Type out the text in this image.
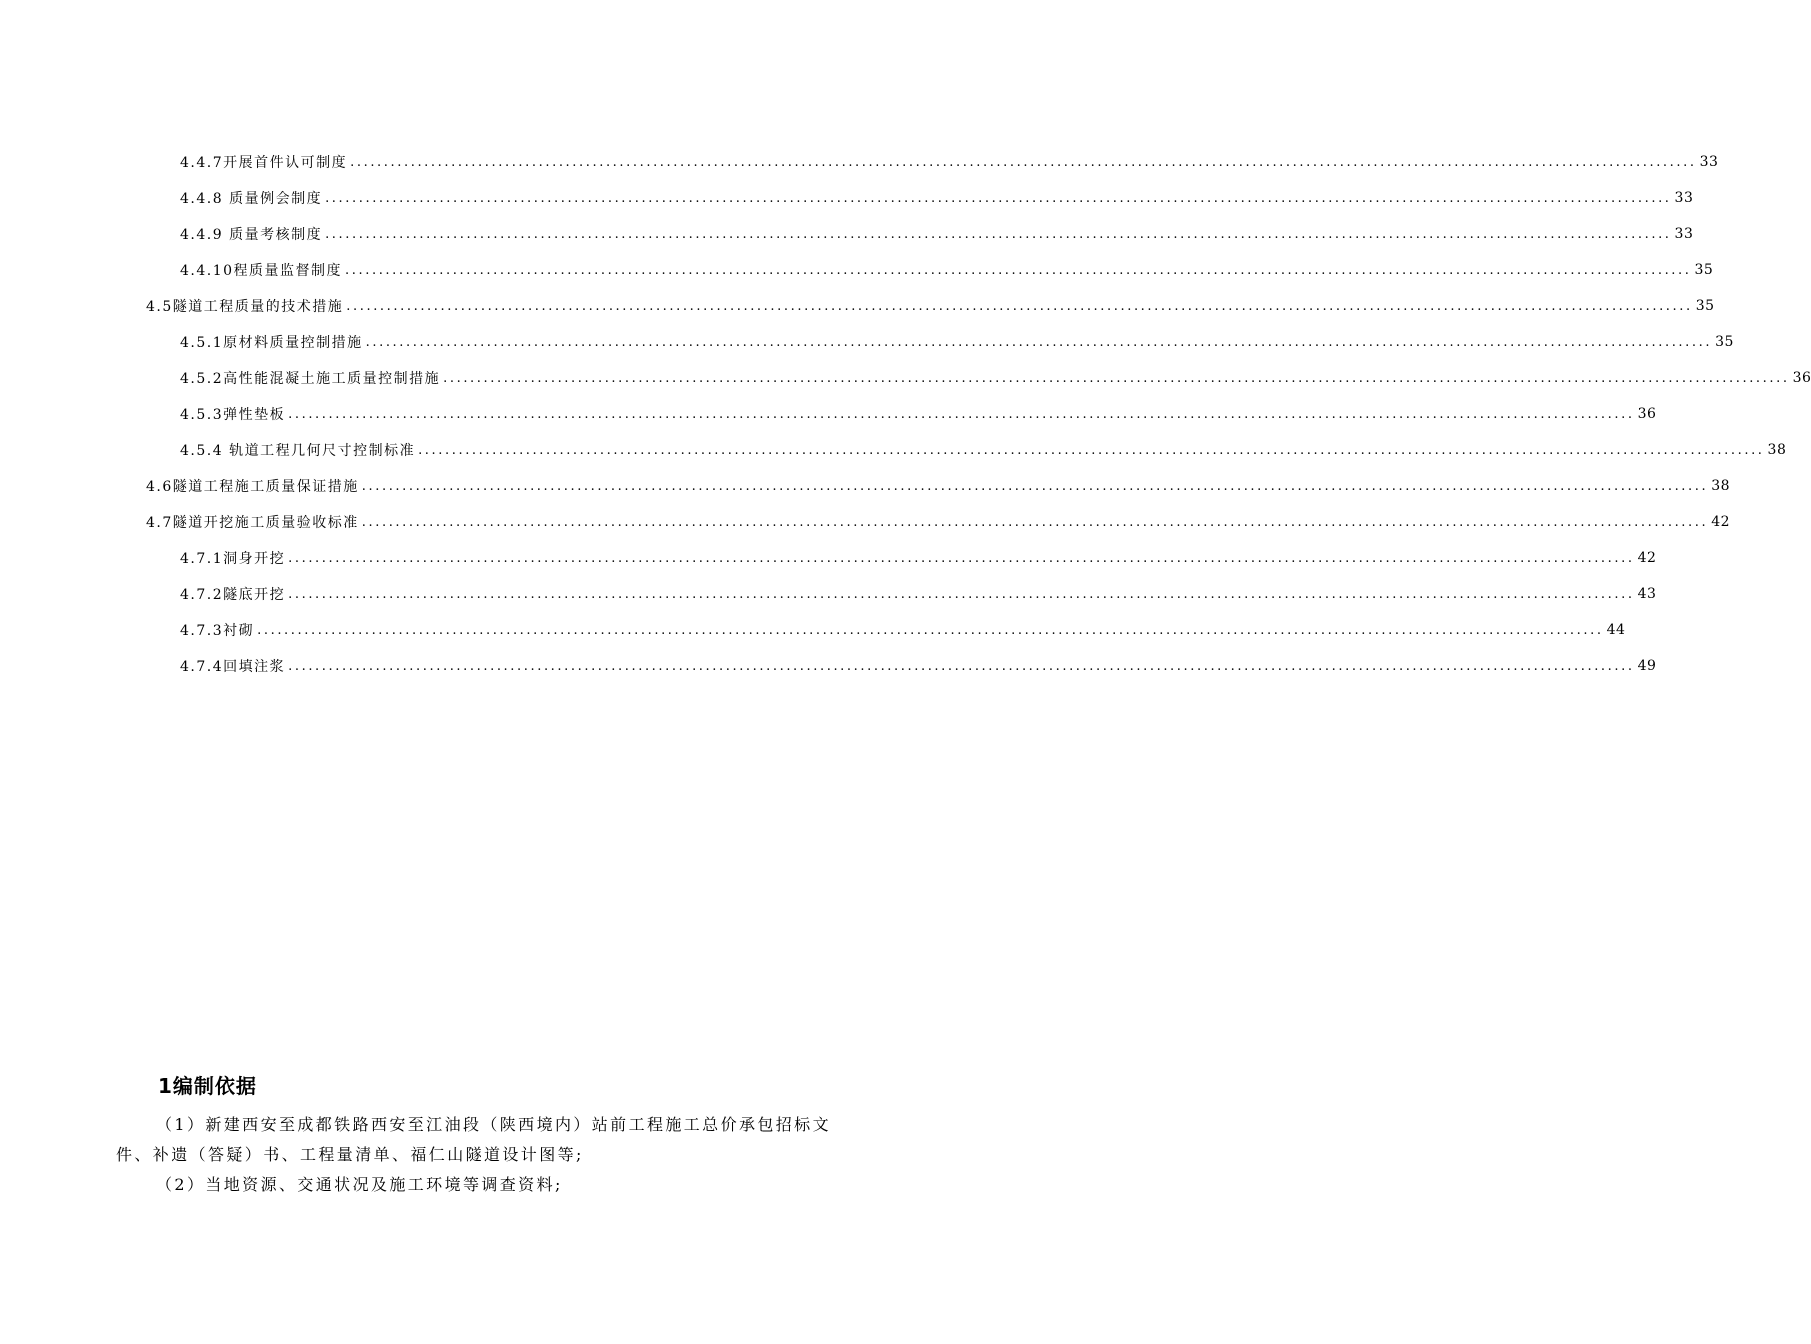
4.4.7开展首件认可制度 ........................................................................................................................................................................................................ 33
4.4.8 质量例会制度 ........................................................................................................................................................................................................ 33
4.4.9 质量考核制度 ........................................................................................................................................................................................................ 33
4.4.10程质量监督制度 ........................................................................................................................................................................................................ 35
4.5隧道工程质量的技术措施 ........................................................................................................................................................................................................ 35
4.5.1原材料质量控制措施 ........................................................................................................................................................................................................ 35
4.5.2高性能混凝土施工质量控制措施 ........................................................................................................................................................................................................ 36
4.5.3弹性垫板 ........................................................................................................................................................................................................ 36
4.5.4 轨道工程几何尺寸控制标准 ........................................................................................................................................................................................................ 38
4.6隧道工程施工质量保证措施 ........................................................................................................................................................................................................ 38
4.7隧道开挖施工质量验收标准 ........................................................................................................................................................................................................ 42
4.7.1洞身开挖 ........................................................................................................................................................................................................ 42
4.7.2隧底开挖 ........................................................................................................................................................................................................ 43
4.7.3衬砌 ........................................................................................................................................................................................................ 44
4.7.4回填注浆 ........................................................................................................................................................................................................ 49
1编制依据

（1）新建西安至成都铁路西安至江油段（陕西境内）站前工程施工总价承包招标文件、补遗（答疑）书、工程量清单、福仁山隧道设计图等;

（2）当地资源、交通状况及施工环境等调查资料;
